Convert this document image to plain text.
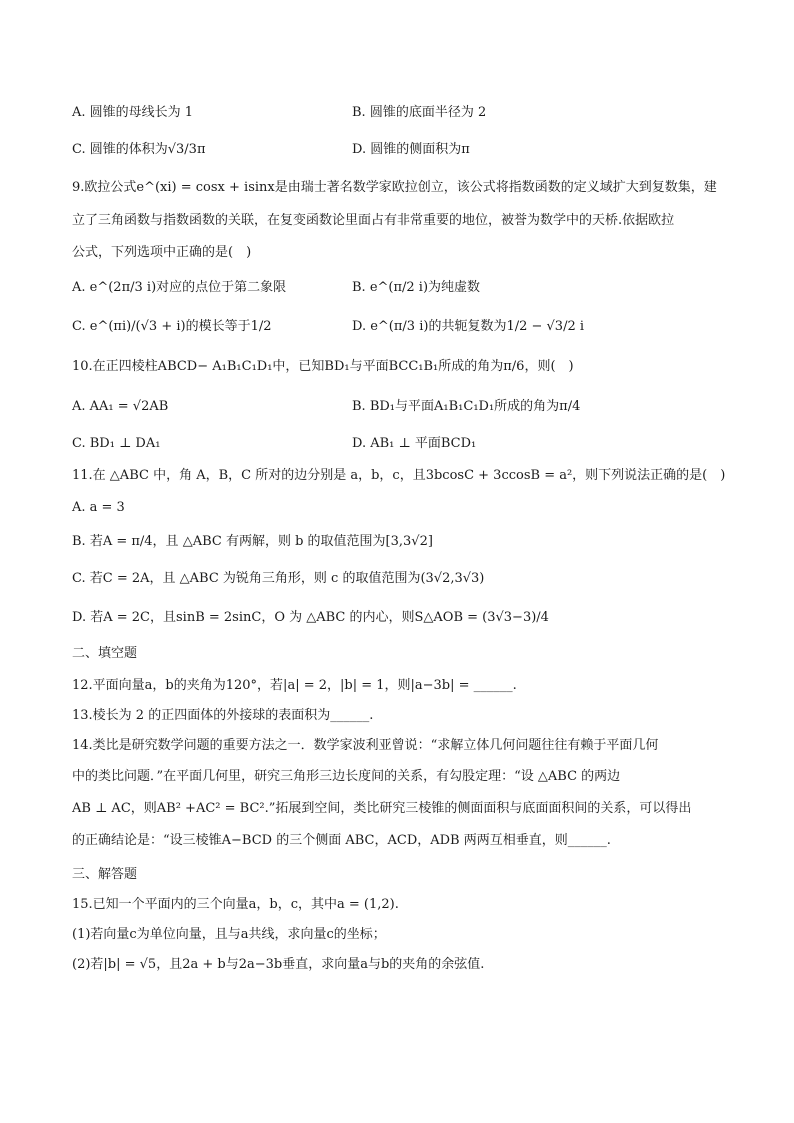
A. 圆锥的母线长为 1	B. 圆锥的底面半径为 2
C. 圆锥的体积为√3/3π	D. 圆锥的侧面积为π
9.欧拉公式e^(xi) = cosx + isinx是由瑞士著名数学家欧拉创立，该公式将指数函数的定义域扩大到复数集，建
立了三角函数与指数函数的关联，在复变函数论里面占有非常重要的地位，被誉为数学中的天桥.依据欧拉
公式，下列选项中正确的是(　)
A. e^(2π/3 i)对应的点位于第二象限	B. e^(π/2 i)为纯虚数
C. e^(πi)/(√3 + i)的模长等于1/2	D. e^(π/3 i)的共轭复数为1/2 − √3/2 i
10.在正四棱柱ABCD− A₁B₁C₁D₁中，已知BD₁与平面BCC₁B₁所成的角为π/6，则(　)
A. AA₁ = √2AB	B. BD₁与平面A₁B₁C₁D₁所成的角为π/4
C. BD₁ ⊥ DA₁	D. AB₁ ⊥ 平面BCD₁
11.在 △ABC 中，角 A，B，C 所对的边分别是 a，b，c，且3bcosC + 3ccosB = a²，则下列说法正确的是(　)
A. a = 3
B. 若A = π/4，且 △ABC 有两解，则 b 的取值范围为[3,3√2]
C. 若C = 2A，且 △ABC 为锐角三角形，则 c 的取值范围为(3√2,3√3)
D. 若A = 2C，且sinB = 2sinC，O 为 △ABC 的内心，则S△AOB = (3√3−3)/4
二、填空题
12.平面向量a，b的夹角为120°，若|a| = 2，|b| = 1，则|a−3b| = ______.
13.棱长为 2 的正四面体的外接球的表面积为______.
14.类比是研究数学问题的重要方法之一．数学家波利亚曾说：“求解立体几何问题往往有赖于平面几何
中的类比问题．”在平面几何里，研究三角形三边长度间的关系，有勾股定理：“设 △ABC 的两边
AB ⊥ AC，则AB² +AC² = BC².”拓展到空间，类比研究三棱锥的侧面面积与底面面积间的关系，可以得出
的正确结论是：“设三棱锥A−BCD 的三个侧面 ABC，ACD，ADB 两两互相垂直，则______.
三、解答题
15.已知一个平面内的三个向量a，b，c，其中a = (1,2).
(1)若向量c为单位向量，且与a共线，求向量c的坐标；
(2)若|b| = √5，且2a + b与2a−3b垂直，求向量a与b的夹角的余弦值.
